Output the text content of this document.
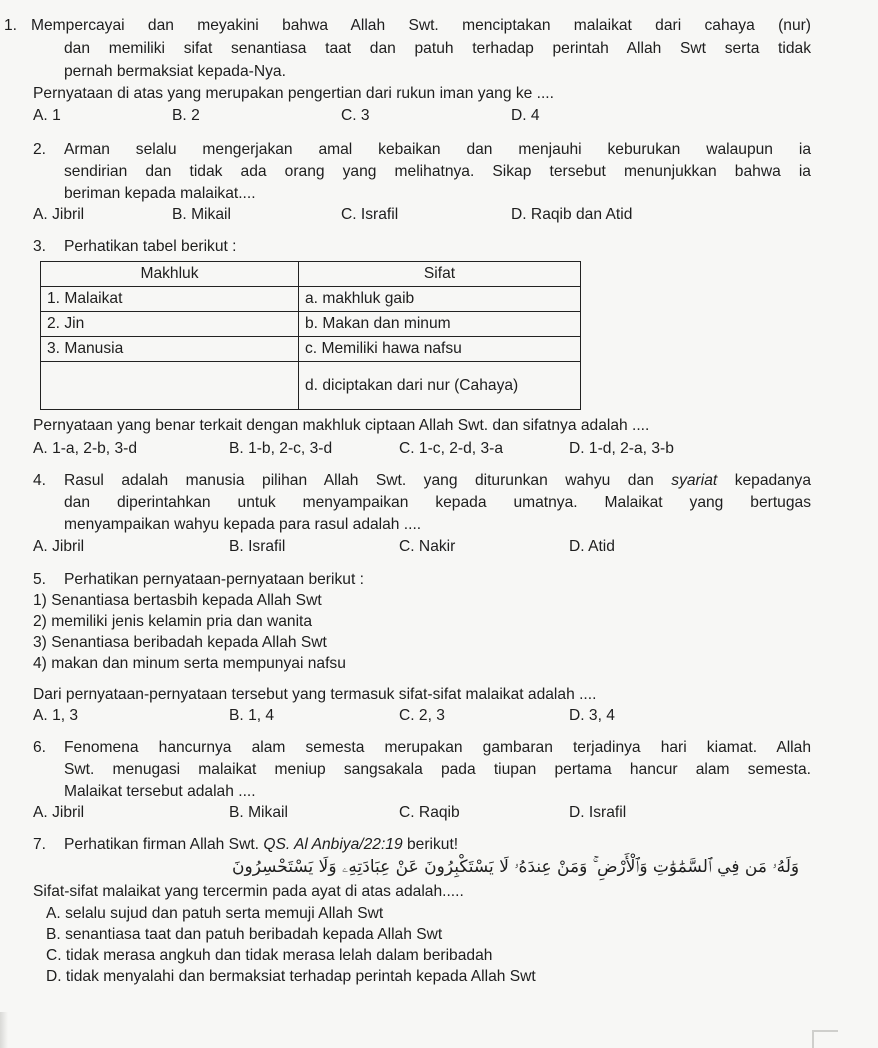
1. Mempercayai dan meyakini bahwa Allah Swt. menciptakan malaikat dari cahaya (nur)
dan memiliki sifat senantiasa taat dan patuh terhadap perintah Allah Swt serta tidak
pernah bermaksiat kepada-Nya.
Pernyataan di atas yang merupakan pengertian dari rukun iman yang ke ....
A. 1	B. 2	C. 3	D. 4
2. Arman selalu mengerjakan amal kebaikan dan menjauhi keburukan walaupun ia
sendirian dan tidak ada orang yang melihatnya. Sikap tersebut menunjukkan bahwa ia
beriman kepada malaikat....
A. Jibril	B. Mikail	C. Israfil	D. Raqib dan Atid
3. Perhatikan tabel berikut :
Makhluk	Sifat
1. Malaikat	a. makhluk gaib
2. Jin	b. Makan dan minum
3. Manusia	c. Memiliki hawa nafsu

	d. diciptakan dari nur (Cahaya)
Pernyataan yang benar terkait dengan makhluk ciptaan Allah Swt. dan sifatnya adalah ....
A. 1-a, 2-b, 3-d	B. 1-b, 2-c, 3-d	C. 1-c, 2-d, 3-a	D. 1-d, 2-a, 3-b
4. Rasul adalah manusia pilihan Allah Swt. yang diturunkan wahyu dan syariat kepadanya
dan diperintahkan untuk menyampaikan kepada umatnya. Malaikat yang bertugas
menyampaikan wahyu kepada para rasul adalah ....
A. Jibril	B. Israfil	C. Nakir	D. Atid
5. Perhatikan pernyataan-pernyataan berikut :
1) Senantiasa bertasbih kepada Allah Swt
2) memiliki jenis kelamin pria dan wanita
3) Senantiasa beribadah kepada Allah Swt
4) makan dan minum serta mempunyai nafsu
Dari pernyataan-pernyataan tersebut yang termasuk sifat-sifat malaikat adalah ....
A. 1, 3	B. 1, 4	C. 2, 3	D. 3, 4
6. Fenomena hancurnya alam semesta merupakan gambaran terjadinya hari kiamat. Allah
Swt. menugasi malaikat meniup sangsakala pada tiupan pertama hancur alam semesta.
Malaikat tersebut adalah ....
A. Jibril	B. Mikail	C. Raqib	D. Israfil
7. Perhatikan firman Allah Swt. QS. Al Anbiya/22:19 berikut!
وَلَهُۥ مَن فِي ٱلسَّمَٰوَٰتِ وَٱلْأَرْضِ ۚ وَمَنْ عِندَهُۥ لَا يَسْتَكْبِرُونَ عَنْ عِبَادَتِهِۦ وَلَا يَسْتَحْسِرُونَ
Sifat-sifat malaikat yang tercermin pada ayat di atas adalah.....
A. selalu sujud dan patuh serta memuji Allah Swt
B. senantiasa taat dan patuh beribadah kepada Allah Swt
C. tidak merasa angkuh dan tidak merasa lelah dalam beribadah
D. tidak menyalahi dan bermaksiat terhadap perintah kepada Allah Swt
